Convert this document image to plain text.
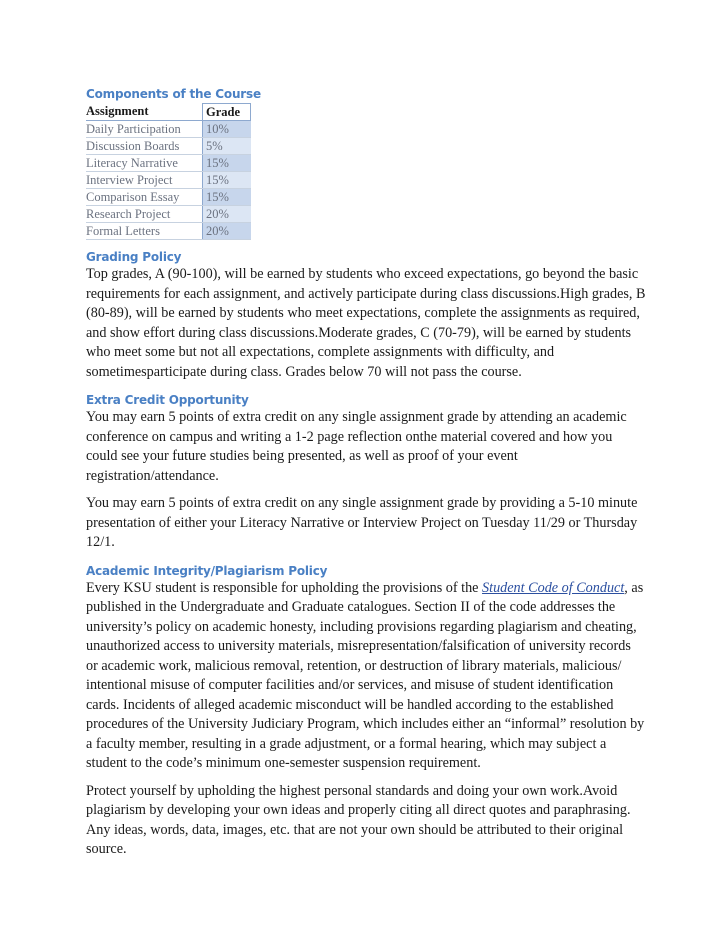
Components of the Course
Assignment	Grade
Daily Participation	10%
Discussion Boards	5%
Literacy Narrative	15%
Interview Project	15%
Comparison Essay	15%
Research Project	20%
Formal Letters	20%
Grading Policy

Top grades, A (90-100), will be earned by students who exceed expectations, go beyond the basic requirements for each assignment, and actively participate during class discussions.High grades, B (80-89), will be earned by students who meet expectations, complete the assignments as required, and show effort during class discussions.Moderate grades, C (70-79), will be earned by students who meet some but not all expectations, complete assignments with difficulty, and sometimesparticipate during class. Grades below 70 will not pass the course.

Extra Credit Opportunity

You may earn 5 points of extra credit on any single assignment grade by attending an academic conference on campus and writing a 1-2 page reflection onthe material covered and how you could see your future studies being presented, as well as proof of your event registration/attendance.

You may earn 5 points of extra credit on any single assignment grade by providing a 5-10 minute presentation of either your Literacy Narrative or Interview Project on Tuesday 11/29 or Thursday 12/1.

Academic Integrity/Plagiarism Policy

Every KSU student is responsible for upholding the provisions of the Student Code of Conduct, as published in the Undergraduate and Graduate catalogues. Section II of the code addresses the university’s policy on academic honesty, including provisions regarding plagiarism and cheating, unauthorized access to university materials, misrepresentation/falsification of university records or academic work, malicious removal, retention, or destruction of library materials, malicious/ intentional misuse of computer facilities and/or services, and misuse of student identification cards. Incidents of alleged academic misconduct will be handled according to the established procedures of the University Judiciary Program, which includes either an “informal” resolution by a faculty member, resulting in a grade adjustment, or a formal hearing, which may subject a student to the code’s minimum one-semester suspension requirement.

Protect yourself by upholding the highest personal standards and doing your own work.Avoid plagiarism by developing your own ideas and properly citing all direct quotes and paraphrasing. Any ideas, words, data, images, etc. that are not your own should be attributed to their original source.
